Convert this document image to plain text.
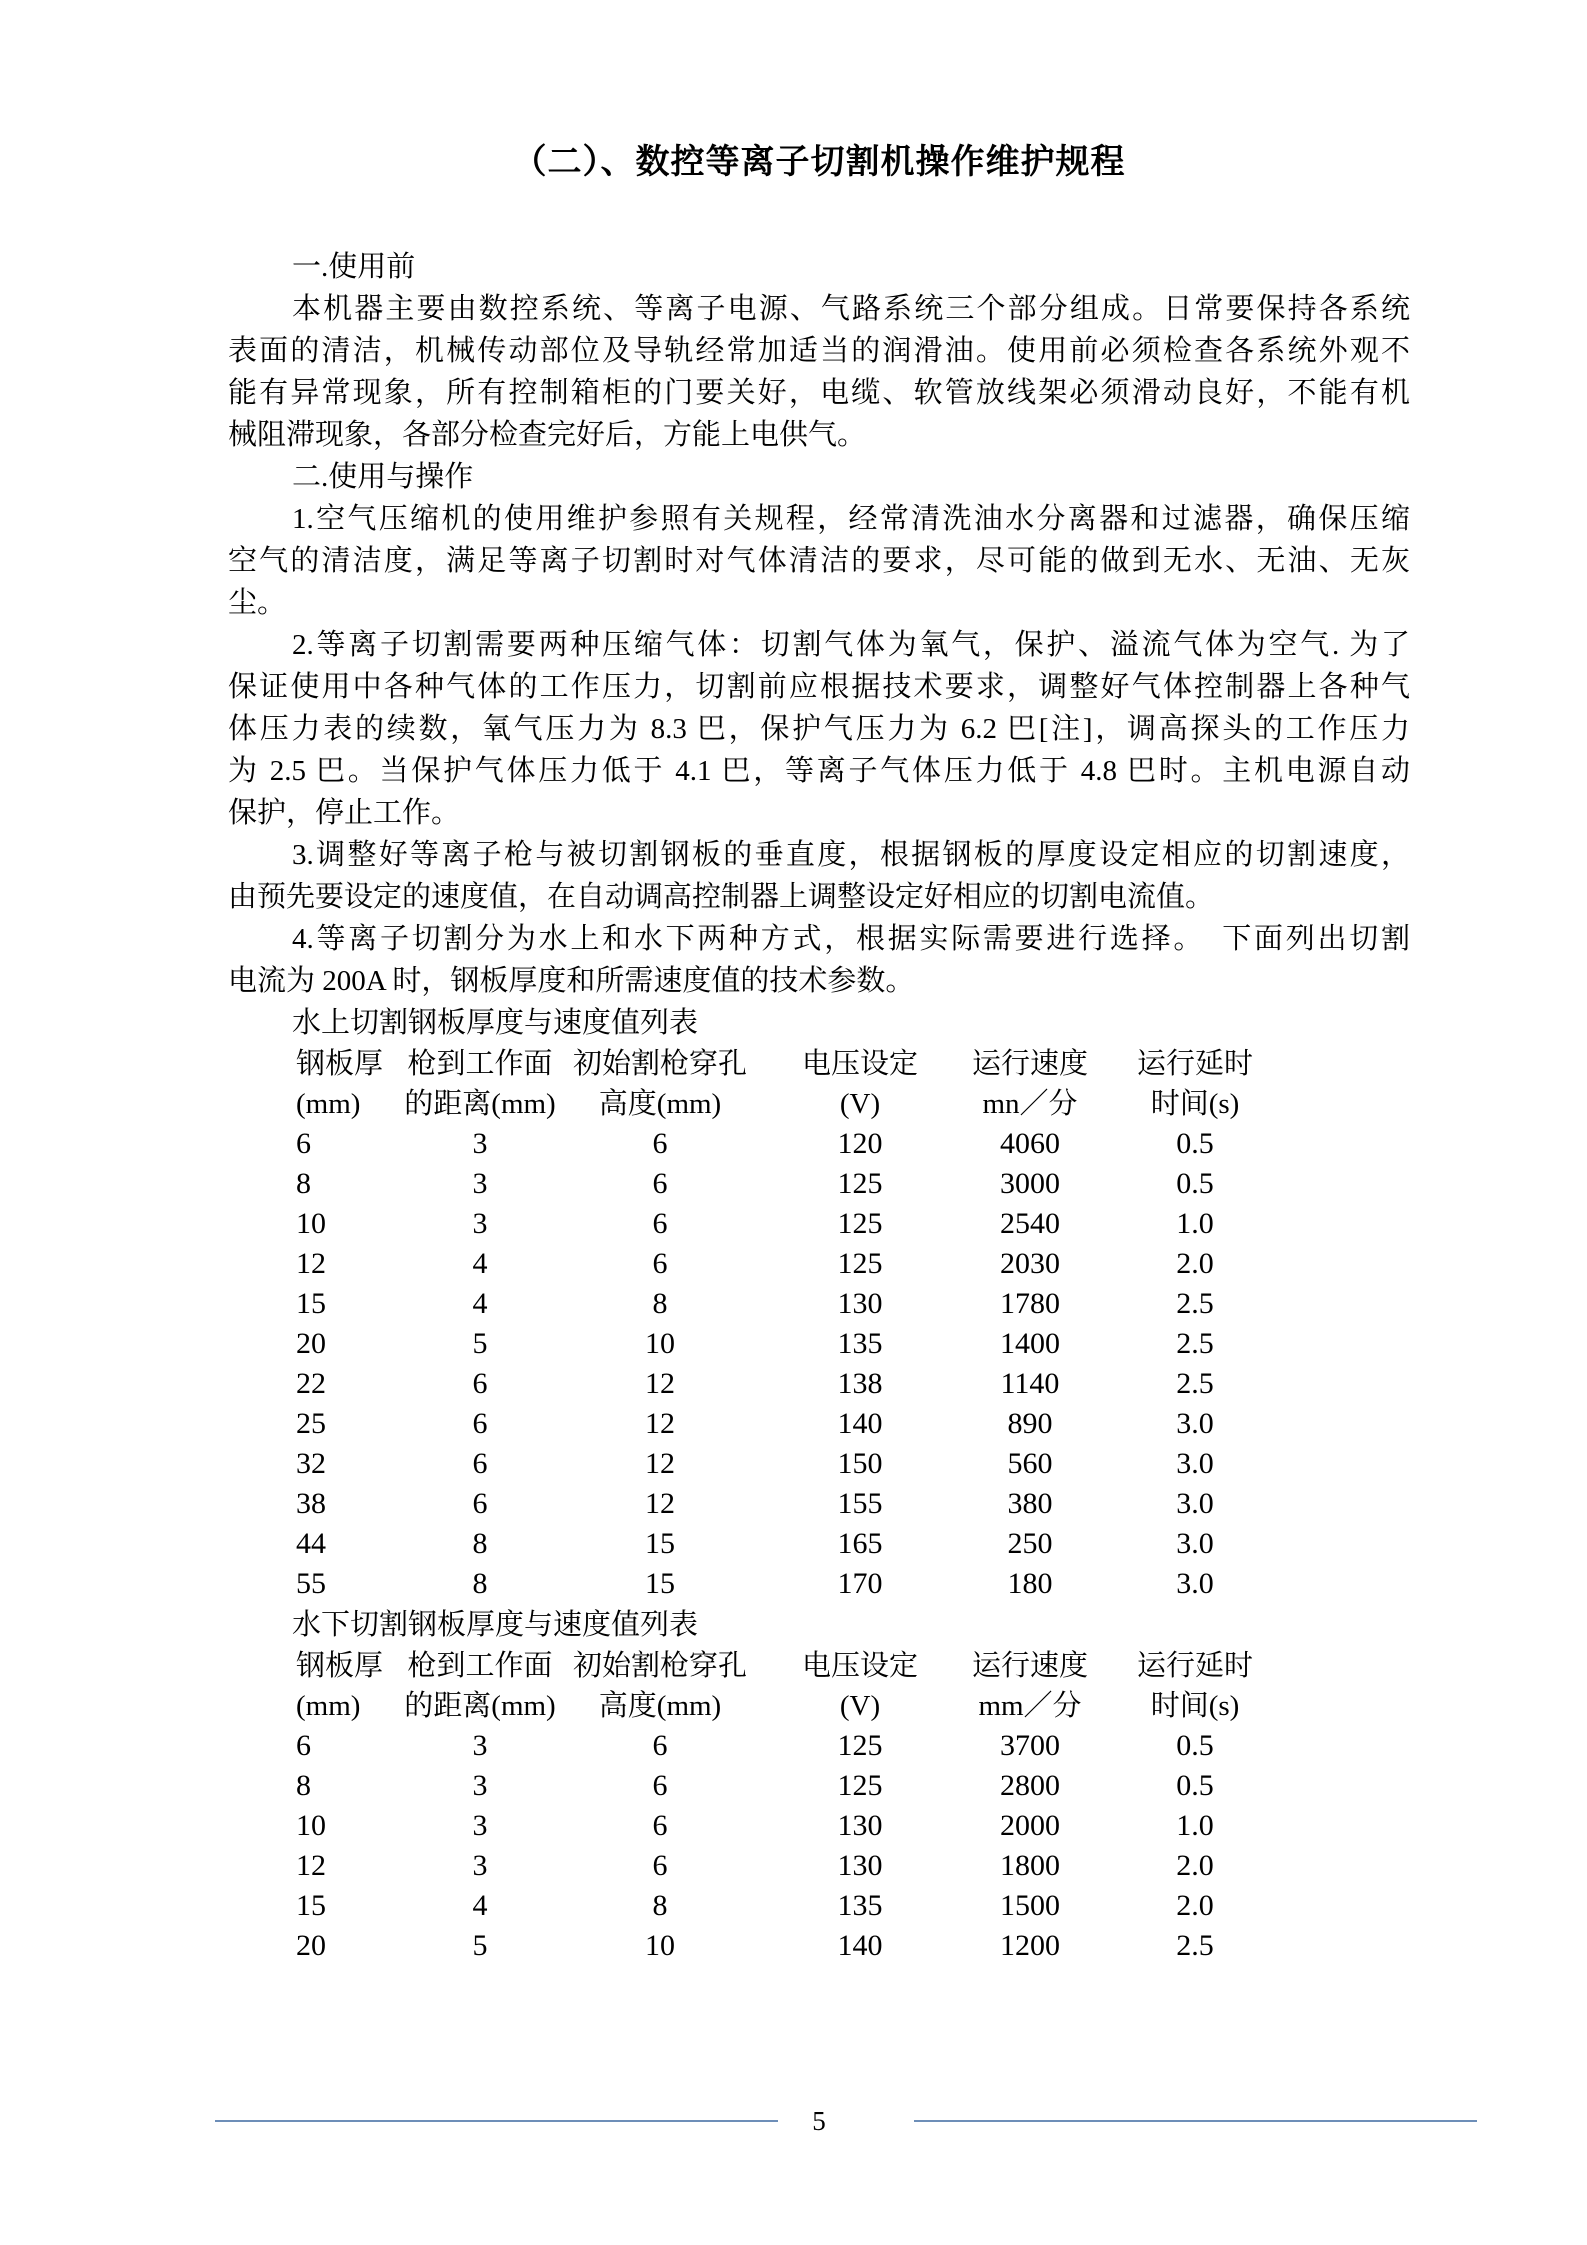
（二）、数控等离子切割机操作维护规程
一.使用前
本机器主要由数控系统、等离子电源、气路系统三个部分组成。日常要保持各系统
表面的清洁，机械传动部位及导轨经常加适当的润滑油。使用前必须检查各系统外观不
能有异常现象，所有控制箱柜的门要关好，电缆、软管放线架必须滑动良好，不能有机
械阻滞现象，各部分检查完好后，方能上电供气。
二.使用与操作
1.空气压缩机的使用维护参照有关规程，经常清洗油水分离器和过滤器，确保压缩
空气的清洁度，满足等离子切割时对气体清洁的要求，尽可能的做到无水、无油、无灰
尘。
2.等离子切割需要两种压缩气体：切割气体为氧气，保护、溢流气体为空气. 为了
保证使用中各种气体的工作压力，切割前应根据技术要求，调整好气体控制器上各种气
体压力表的续数，氧气压力为 8.3 巴，保护气压力为 6.2 巴[注]，调高探头的工作压力
为 2.5 巴。当保护气体压力低于 4.1 巴，等离子气体压力低于 4.8 巴时。主机电源自动
保护，停止工作。
3.调整好等离子枪与被切割钢板的垂直度，根据钢板的厚度设定相应的切割速度，
由预先要设定的速度值，在自动调高控制器上调整设定好相应的切割电流值。
4.等离子切割分为水上和水下两种方式，根据实际需要进行选择。　下面列出切割
电流为 200A 时，钢板厚度和所需速度值的技术参数。
水上切割钢板厚度与速度值列表
钢板厚 枪到工作面 初始割枪穿孔	电压设定	运行速度	运行延时
(mm)	的距离(mm)	高度(mm)	(V)	mn／分	时间(s)
6	3	6	120	4060	0.5
8	3	6	125	3000	0.5
10	3	6	125	2540	1.0
12	4	6	125	2030	2.0
15	4	8	130	1780	2.5
20	5	10	135	1400	2.5
22	6	12	138	1140	2.5
25	6	12	140	890	3.0
32	6	12	150	560	3.0
38	6	12	155	380	3.0
44	8	15	165	250	3.0
55	8	15	170	180	3.0
水下切割钢板厚度与速度值列表
钢板厚 枪到工作面 初始割枪穿孔	电压设定	运行速度	运行延时
(mm)	的距离(mm)	高度(mm)	(V)	mm／分	时间(s)
6	3	6	125	3700	0.5
8	3	6	125	2800	0.5
10	3	6	130	2000	1.0
12	3	6	130	1800	2.0
15	4	8	135	1500	2.0
20	5	10	140	1200	2.5
5
